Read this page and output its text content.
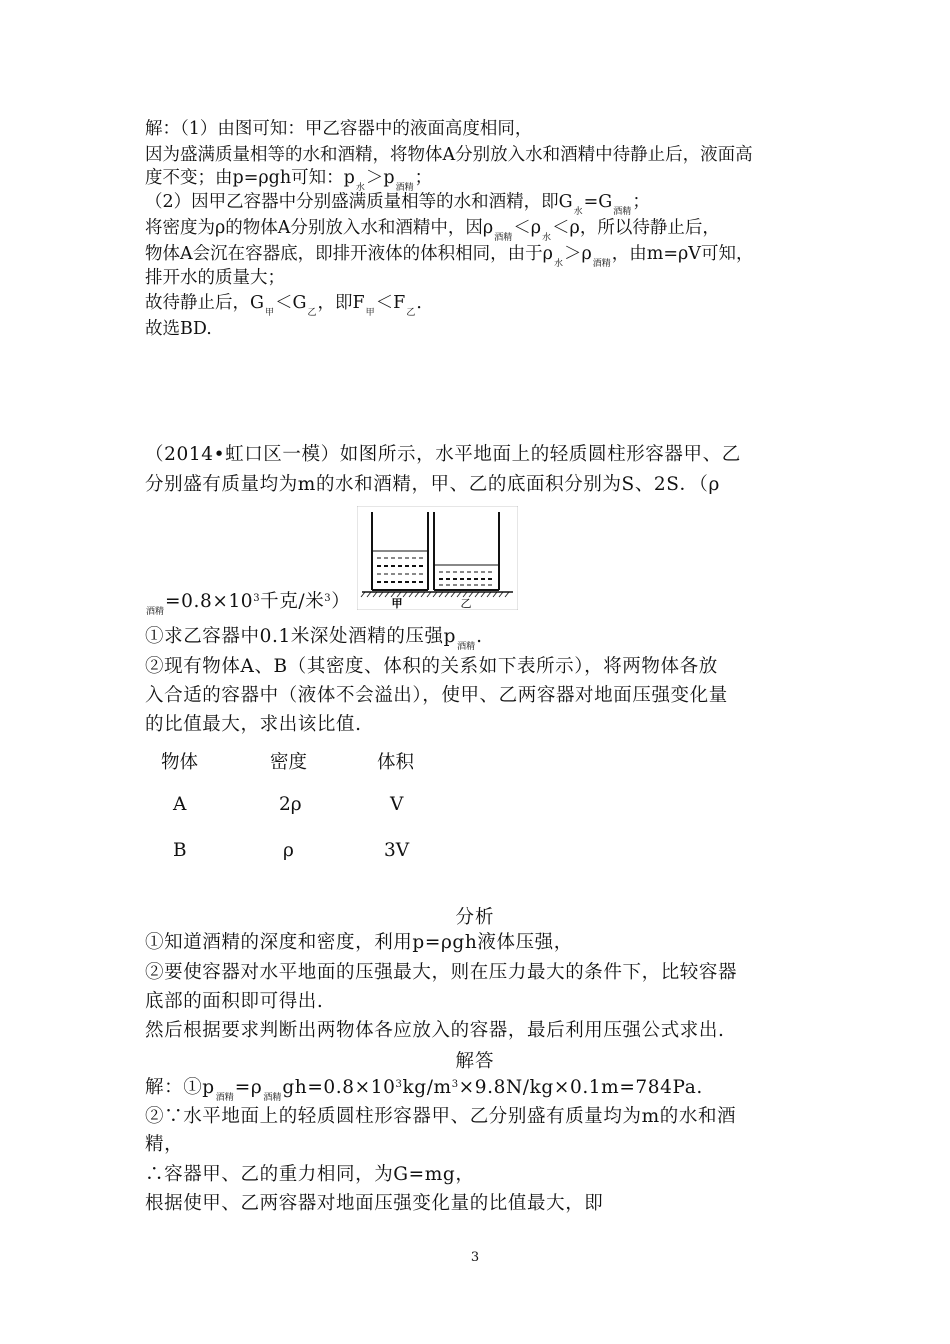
解：（1）由图可知：甲乙容器中的液面高度相同，
因为盛满质量相等的水和酒精，将物体A分别放入水和酒精中待静止后，液面高
度不变；由p=ρgh可知：$p_水>p_{酒精}$；
（2）因甲乙容器中分别盛满质量相等的水和酒精，即$G_水=G_{酒精}$；
将密度为ρ的物体A分别放入水和酒精中，因$\rho_{酒精}<\rho_水<\rho$，所以待静止后，
物体A会沉在容器底，即排开液体的体积相同，由于$\rho_水>\rho_{酒精}$，由m=ρV可知，
排开水的质量大；
故待静止后，$G_甲<G_乙$，即$F_甲<F_乙$．
故选BD.
（2014•虹口区一模）如图所示，水平地面上的轻质圆柱形容器甲、乙
分别盛有质量均为m的水和酒精，甲、乙的底面积分别为S、2S．（ρ
$_{酒精}=0.8\times 10^3$千克/米$^3$）	甲	乙
①求乙容器中0.1米深处酒精的压强$p_{酒精}$.
②现有物体A、B（其密度、体积的关系如下表所示），将两物体各放
入合适的容器中（液体不会溢出），使甲、乙两容器对地面压强变化量
的比值最大，求出该比值.
物体	密度	体积
A	2ρ	V
B	ρ	3V
分析
①知道酒精的深度和密度，利用p=ρgh液体压强，
②要使容器对水平地面的压强最大，则在压力最大的条件下，比较容器
底部的面积即可得出.
然后根据要求判断出两物体各应放入的容器，最后利用压强公式求出.
解答
解：$①p_{酒精}=\rho_{酒精}gh=0.8\times 10^3kg/m^3\times 9.8N/kg\times 0.1m=784Pa$.
②∵水平地面上的轻质圆柱形容器甲、乙分别盛有质量均为m的水和酒
精，
∴容器甲、乙的重力相同，为G=mg，
根据使甲、乙两容器对地面压强变化量的比值最大，即
3
